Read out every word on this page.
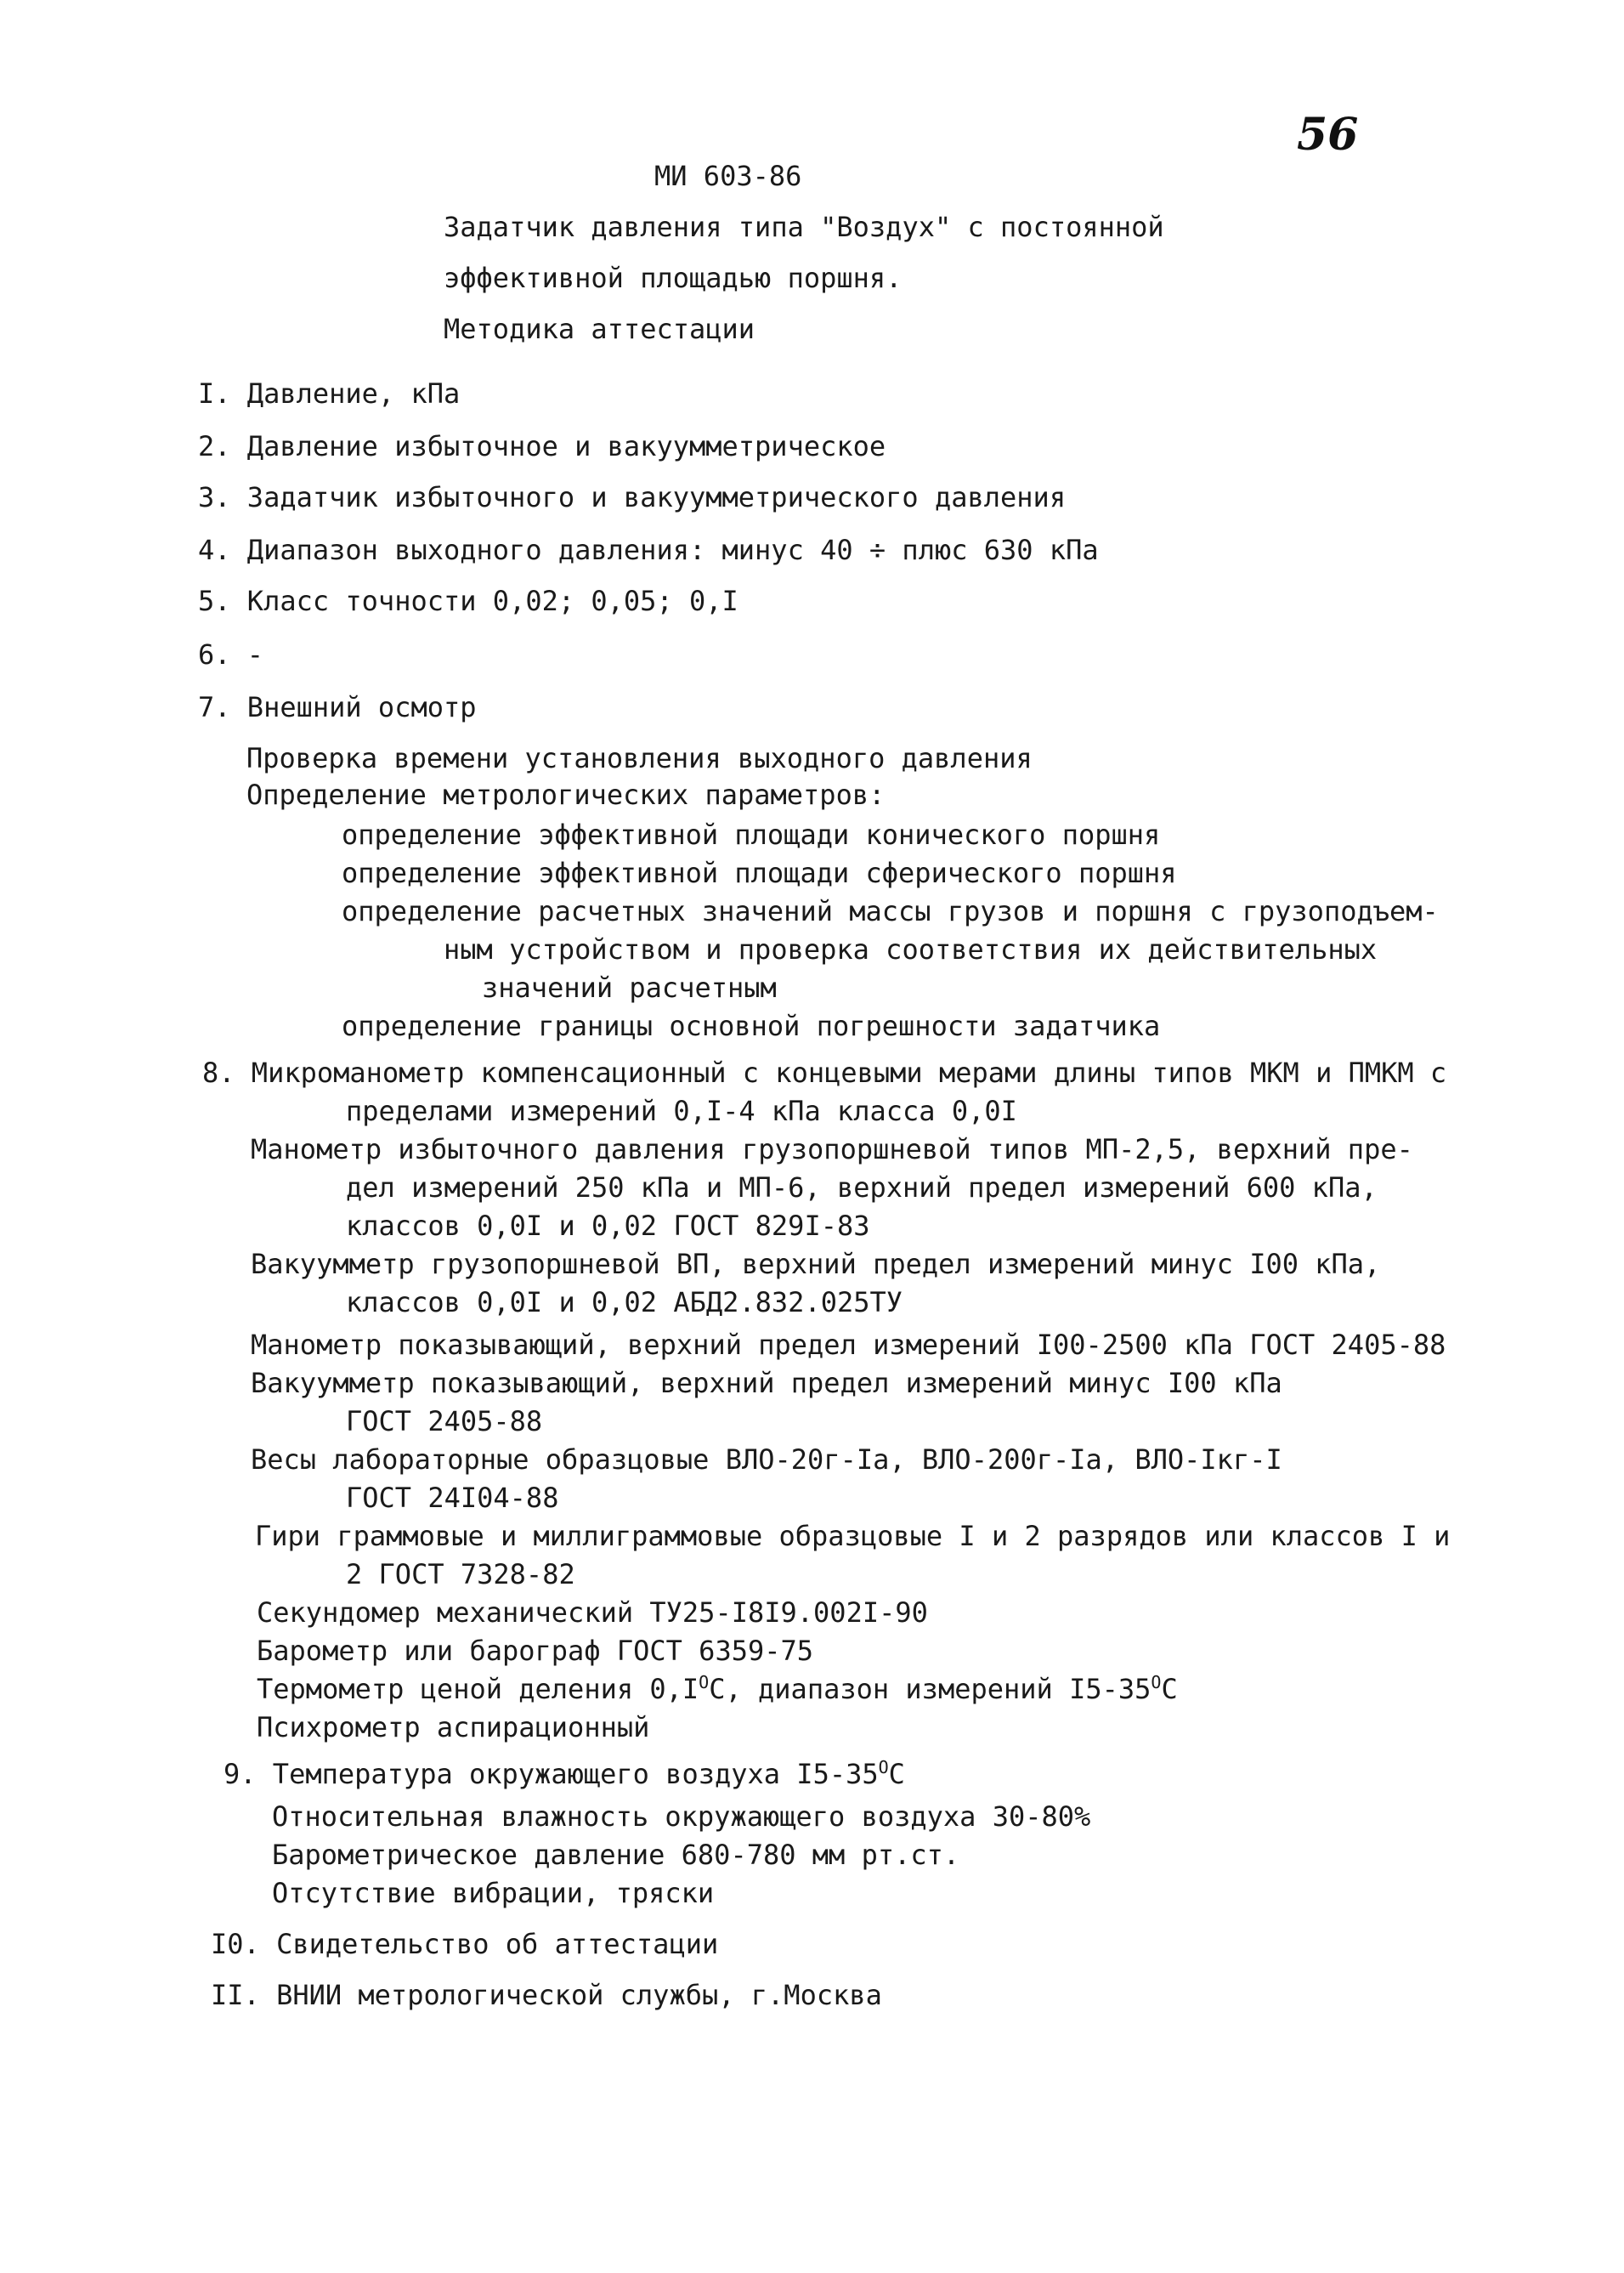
56
МИ 603-86
Задатчик давления типа "Воздух" с постоянной
эффективной площадью поршня.
Методика аттестации
I. Давление, кПа
2. Давление избыточное и вакуумметрическое
3. Задатчик избыточного и вакуумметрического давления
4. Диапазон выходного давления: минус 40 ÷ плюс 630 кПа
5. Класс точности 0,02; 0,05; 0,I
6. -
7. Внешний осмотр
Проверка времени установления выходного давления
Определение метрологических параметров:
определение эффективной площади конического поршня
определение эффективной площади сферического поршня
определение расчетных значений массы грузов и поршня с грузоподъем-
ным устройством и проверка соответствия их действительных
значений расчетным
определение границы основной погрешности задатчика
8. Микроманометр компенсационный с концевыми мерами длины типов МКМ и ПМКМ с
пределами измерений 0,I-4 кПа класса 0,0I
Манометр избыточного давления грузопоршневой типов МП-2,5, верхний пре-
дел измерений 250 кПа и МП-6, верхний предел измерений 600 кПа,
классов 0,0I и 0,02 ГОСТ 829I-83
Вакуумметр грузопоршневой ВП, верхний предел измерений минус I00 кПа,
классов 0,0I и 0,02 АБД2.832.025ТУ
Манометр показывающий, верхний предел измерений I00-2500 кПа ГОСТ 2405-88
Вакуумметр показывающий, верхний предел измерений минус I00 кПа
ГОСТ 2405-88
Весы лабораторные образцовые ВЛО-20г-Iа, ВЛО-200г-Iа, ВЛО-Iкг-I
ГОСТ 24I04-88
Гири граммовые и миллиграммовые образцовые I и 2 разрядов или классов I и
2 ГОСТ 7328-82
Секундомер механический ТУ25-I8I9.002I-90
Барометр или барограф ГОСТ 6359-75
Термометр ценой деления $0,I^OС$, диапазон измерений $I5-35^OС$
Психрометр аспирационный
9. Температура окружающего воздуха $I5-35^OС$
Относительная влажность окружающего воздуха 30-80%
Барометрическое давление 680-780 мм рт.ст.
Отсутствие вибрации, тряски
I0. Свидетельство об аттестации
II. ВНИИ метрологической службы, г.Москва
